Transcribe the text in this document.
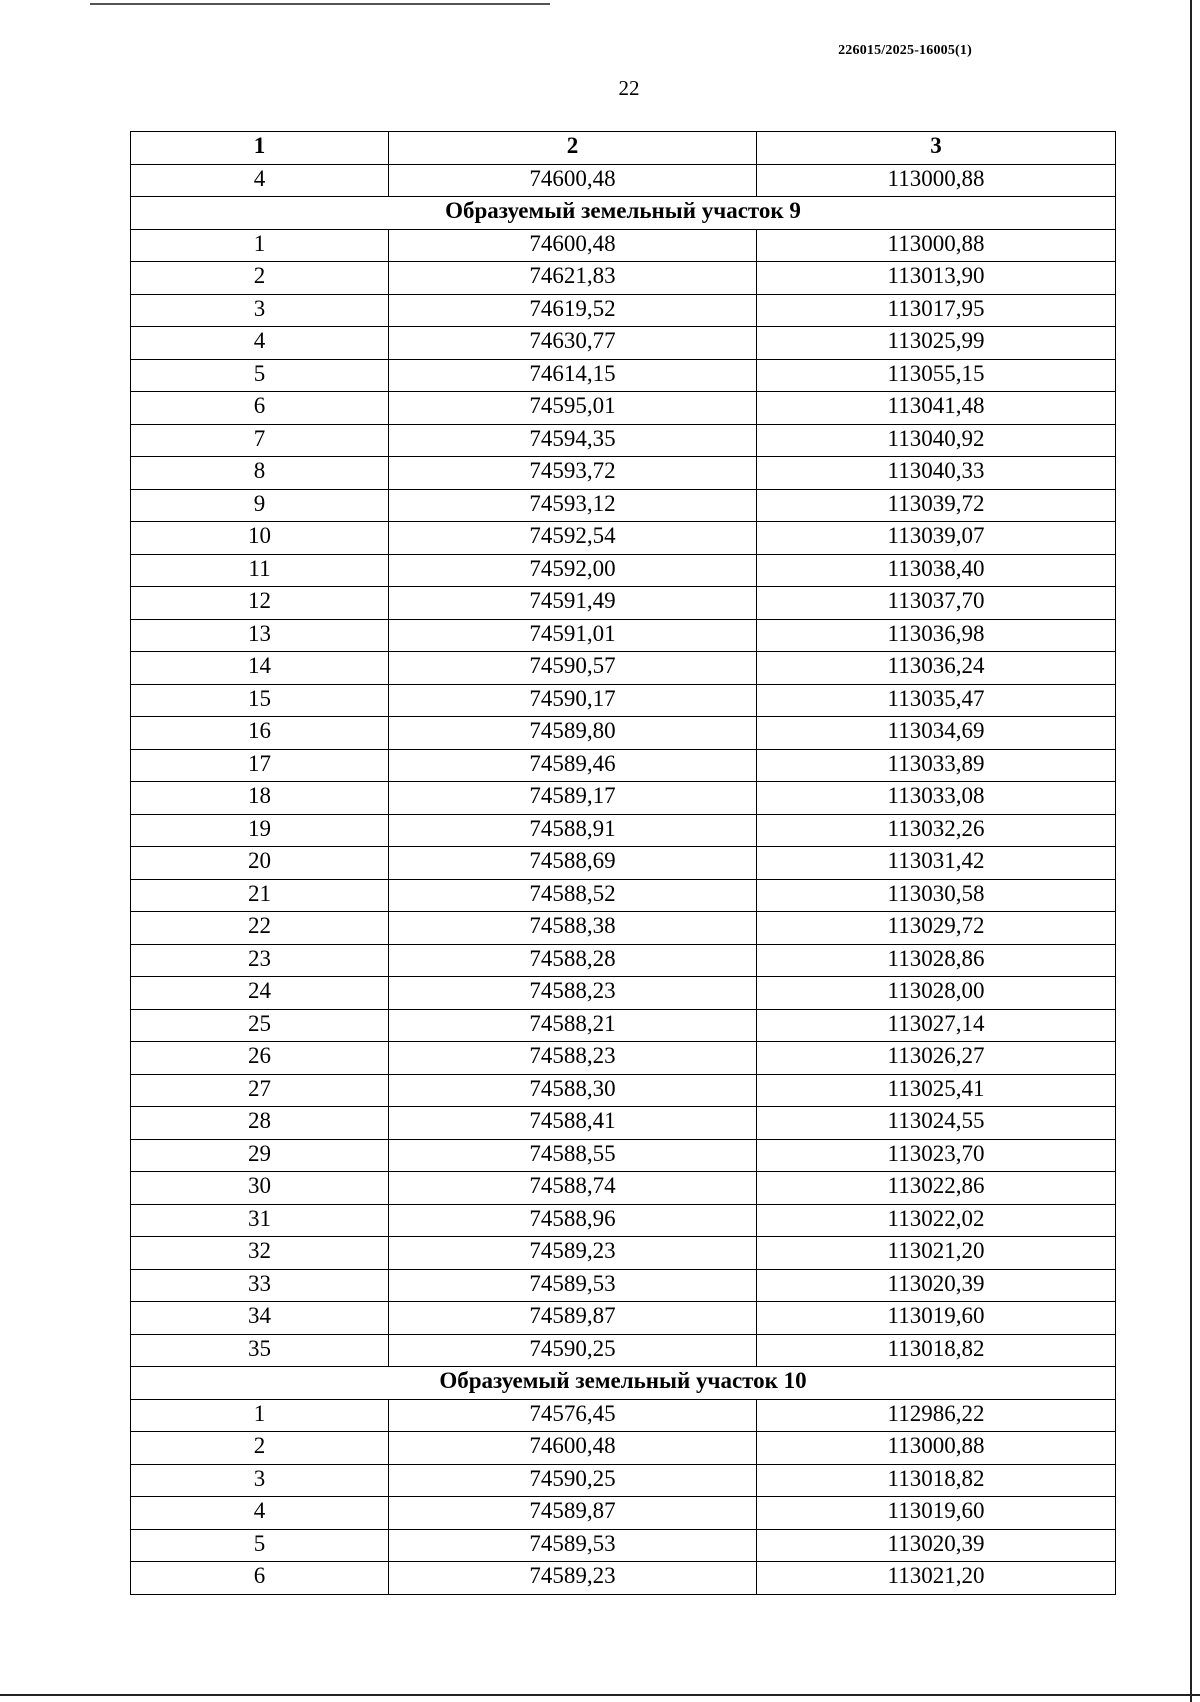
226015/2025-16005(1)
22
1	2	3
4	74600,48	113000,88
Образуемый земельный участок 9		
1	74600,48	113000,88
2	74621,83	113013,90
3	74619,52	113017,95
4	74630,77	113025,99
5	74614,15	113055,15
6	74595,01	113041,48
7	74594,35	113040,92
8	74593,72	113040,33
9	74593,12	113039,72
10	74592,54	113039,07
11	74592,00	113038,40
12	74591,49	113037,70
13	74591,01	113036,98
14	74590,57	113036,24
15	74590,17	113035,47
16	74589,80	113034,69
17	74589,46	113033,89
18	74589,17	113033,08
19	74588,91	113032,26
20	74588,69	113031,42
21	74588,52	113030,58
22	74588,38	113029,72
23	74588,28	113028,86
24	74588,23	113028,00
25	74588,21	113027,14
26	74588,23	113026,27
27	74588,30	113025,41
28	74588,41	113024,55
29	74588,55	113023,70
30	74588,74	113022,86
31	74588,96	113022,02
32	74589,23	113021,20
33	74589,53	113020,39
34	74589,87	113019,60
35	74590,25	113018,82
Образуемый земельный участок 10		
1	74576,45	112986,22
2	74600,48	113000,88
3	74590,25	113018,82
4	74589,87	113019,60
5	74589,53	113020,39
6	74589,23	113021,20
